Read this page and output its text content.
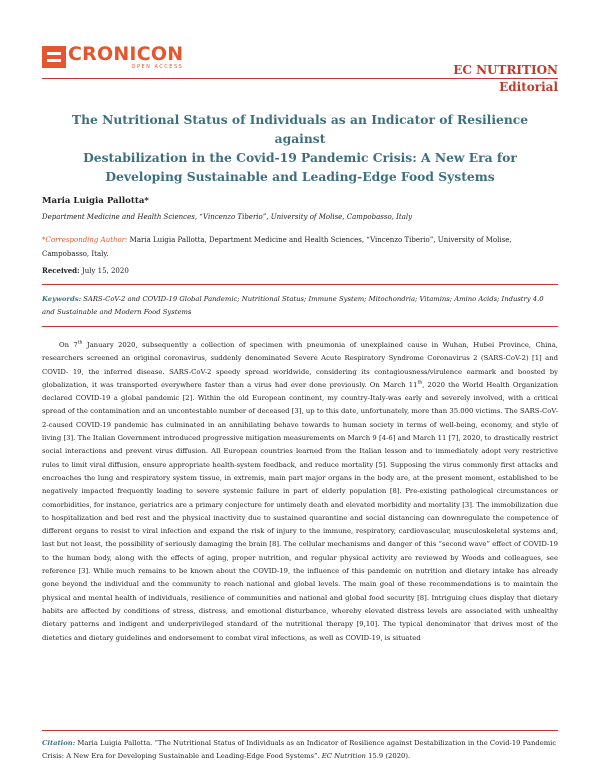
CRONICON
OPEN ACCESS	EC NUTRITION
Editorial
The Nutritional Status of Individuals as an Indicator of Resilience against
Destabilization in the Covid-19 Pandemic Crisis: A New Era for
Developing Sustainable and Leading-Edge Food Systems
Maria Luigia Pallotta*
Department Medicine and Health Sciences, “Vincenzo Tiberio”, University of Molise, Campobasso, Italy
*Corresponding Author: Maria Luigia Pallotta, Department Medicine and Health Sciences, “Vincenzo Tiberio”, University of Molise, Campobasso, Italy.
Received: July 15, 2020
Keywords: SARS-CoV-2 and COVID-19 Global Pandemic; Nutritional Status; Immune System; Mitochondria; Vitamins; Amino Acids; Industry 4.0 and Sustainable and Modern Food Systems

On 7th January 2020, subsequently a collection of specimen with pneumonia of unexplained cause in Wuhan, Hubei Province, China, researchers screened an original coronavirus, suddenly denominated Severe Acute Respiratory Syndrome Coronavirus 2 (SARS-CoV-2) [1] and COVID- 19, the inferred disease. SARS-CoV-2 speedy spread worldwide, considering its contagiousness/virulence earmark and boosted by globalization, it was transported everywhere faster than a virus had ever done previously. On March 11th, 2020 the World Health Organization declared COVID-19 a global pandemic [2]. Within the old European continent, my country-Italy-was early and severely involved, with a critical spread of the contamination and an uncontestable number of deceased [3], up to this date, unfortunately, more than 35.000 victims. The SARS-CoV-2-caused COVID-19 pandemic has culminated in an annihilating behave towards to human society in terms of well-being, economy, and style of living [3]. The Italian Government introduced progressive mitigation measurements on March 9 [4-6] and March 11 [7], 2020, to drastically restrict social interactions and prevent virus diffusion. All European countries learned from the Italian lesson and to immediately adopt very restrictive rules to limit viral diffusion, ensure appropriate health-system feedback, and reduce mortality [5]. Supposing the virus commonly first attacks and encroaches the lung and respiratory system tissue, in extremis, main part major organs in the body are, at the present moment, established to be negatively impacted frequently leading to severe systemic failure in part of elderly population [8]. Pre-existing pathological circumstances or comorbidities, for instance, geriatrics are a primary conjecture for untimely death and elevated morbidity and mortality [3]. The immobilization due to hospitalization and bed rest and the physical inactivity due to sustained quarantine and social distancing can downregulate the competence of different organs to resist to viral infection and expand the risk of injury to the immune, respiratory, cardiovascular, musculoskeletal systems and, last but not least, the possibility of seriously damaging the brain [8]. The cellular mechanisms and danger of this “second wave” effect of COVID-19 to the human body, along with the effects of aging, proper nutrition, and regular physical activity are reviewed by Woods and colleagues, see reference [3]. While much remains to be known about the COVID-19, the influence of this pandemic on nutrition and dietary intake has already gone beyond the individual and the community to reach national and global levels. The main goal of these recommendations is to maintain the physical and mental health of individuals, resilience of communities and national and global food security [8]. Intriguing clues display that dietary habits are affected by conditions of stress, distress, and emotional disturbance, whereby elevated distress levels are associated with unhealthy dietary patterns and indigent and underprivileged standard of the nutritional therapy [9,10]. The typical denominator that drives most of the dietetics and dietary guidelines and endorsement to combat viral infections, as well as COVID-19, is situated

Citation: Maria Luigia Pallotta. “The Nutritional Status of Individuals as an Indicator of Resilience against Destabilization in the Covid-19 Pandemic Crisis: A New Era for Developing Sustainable and Leading-Edge Food Systems”. EC Nutrition 15.9 (2020).
